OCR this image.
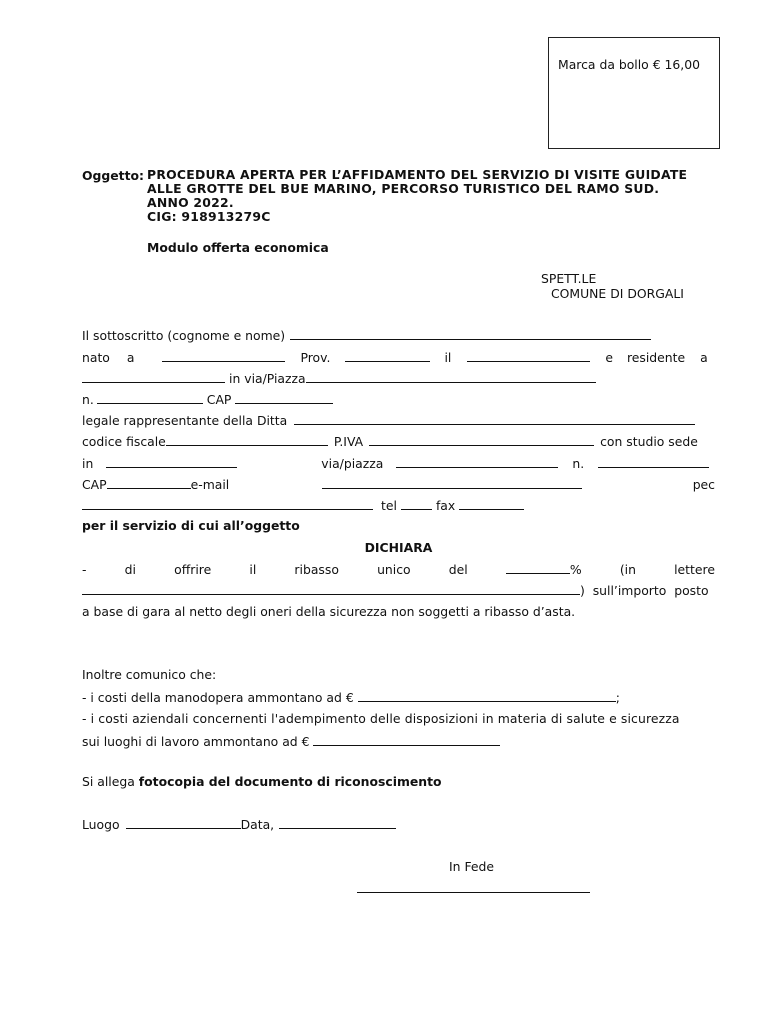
Marca da bollo € 16,00
Oggetto: PROCEDURA APERTA PER L’AFFIDAMENTO DEL SERVIZIO DI VISITE GUIDATE
ALLE GROTTE DEL BUE MARINO, PERCORSO TURISTICO DEL RAMO SUD.
ANNO 2022.
CIG: 918913279C
Modulo offerta economica
SPETT.LE
COMUNE DI DORGALI
Il sottoscritto (cognome e nome)
nato a	Prov.	il	e residente a
in via/Piazza
n.	CAP
legale rappresentante della Ditta
codice fiscale	P.IVA	con studio sede
in	via/piazza	n.
CAP	e-mail	pec
tel	fax
per il servizio di cui all’oggetto
DICHIARA
-	di	offrire	il	ribasso	unico	del	%	(in	lettere
)  sull’importo  posto
a base di gara al netto degli oneri della sicurezza non soggetti a ribasso d’asta.
Inoltre comunico che:
- i costi della manodopera ammontano ad €	;
- i costi aziendali concernenti l'adempimento delle disposizioni in materia di salute e sicurezza
sui luoghi di lavoro ammontano ad €
Si allega fotocopia del documento di riconoscimento
Luogo	Data,
In Fede
